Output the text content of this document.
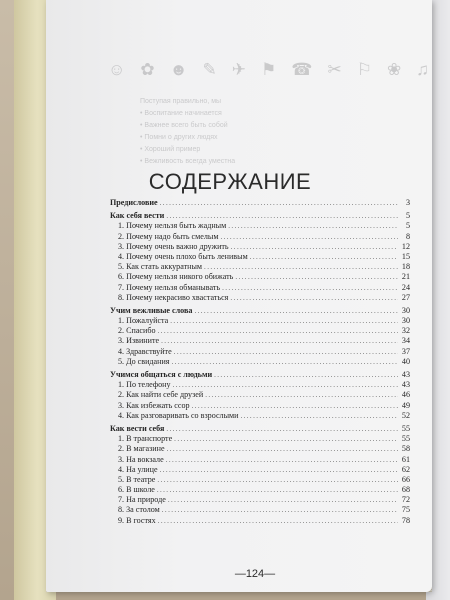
☺ ✿ ☻ ✎ ✈ ⚑ ☎ ✂ ⚐ ❀ ♫
Поступая правильно, мы
• Воспитание начинается
• Важнее всего быть собой
• Помни о других людях
• Хороший пример
• Вежливость всегда уместна
СОДЕРЖАНИЕ
Предисловие .....	3
Как себя вести .....	5
1. Почему нельзя быть жадным .....	5
2. Почему надо быть смелым .....	8
3. Почему очень важно дружить .....	12
4. Почему очень плохо быть ленивым .....	15
5. Как стать аккуратным .....	18
6. Почему нельзя никого обижать .....	21
7. Почему нельзя обманывать .....	24
8. Почему некрасиво хвастаться .....	27
Учим вежливые слова .....	30
1. Пожалуйста .....	30
2. Спасибо .....	32
3. Извините .....	34
4. Здравствуйте .....	37
5. До свидания .....	40
Учимся общаться с людьми .....	43
1. По телефону .....	43
2. Как найти себе друзей .....	46
3. Как избежать ссор .....	49
4. Как разговаривать со взрослыми .....	52
Как вести себя .....	55
1. В транспорте .....	55
2. В магазине .....	58
3. На вокзале .....	61
4. На улице .....	62
5. В театре .....	66
6. В школе .....	68
7. На природе .....	72
8. За столом .....	75
9. В гостях .....	78
—124—
